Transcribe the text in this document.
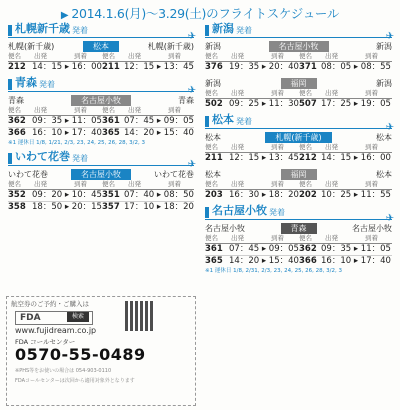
▶ 2014.1.6(月)～3.29(土)のフライトスケジュール
札幌新千歳 発着
✈
札幌(新千歳)	松本	札幌(新千歳)
便名	出発	到着	便名	出発	到着
212 14：15 ▸ 16：00 211 12：15 ▸ 13：45
青森 発着
✈
青森	名古屋小牧	青森
便名	出発	到着	便名	出発	到着
362 09：35 ▸ 11：05 361 07：45 ▸ 09：05
366 16：10 ▸ 17：40 365 14：20 ▸ 15：40
※1 運休日 1/8, 1/21, 2/3, 23, 24, 25, 26, 28, 3/2, 3
いわて花巻 発着
✈
いわて花巻	名古屋小牧	いわて花巻
便名	出発	到着	便名	出発	到着
352 09：20 ▸ 10：45 351 07：40 ▸ 08：50
358 18：50 ▸ 20：15 357 17：10 ▸ 18：20
新潟 発着
✈
新潟	名古屋小牧	新潟
便名	出発	到着	便名	出発	到着
376 19：35 ▸ 20：40 371 08：05 ▸ 08：55
新潟	福岡	新潟
便名	出発	到着	便名	出発	到着
502 09：25 ▸ 11：30 507 17：25 ▸ 19：05
松本 発着
✈
松本	札幌(新千歳)	松本
便名	出発	到着	便名	出発	到着
211 12：15 ▸ 13：45 212 14：15 ▸ 16：00
松本	福岡	松本
便名	出発	到着	便名	出発	到着
203 16：30 ▸ 18：20 202 10：25 ▸ 11：55
名古屋小牧 発着
✈
名古屋小牧	青森	名古屋小牧
便名	出発	到着	便名	出発	到着
361 07：45 ▸ 09：05 362 09：35 ▸ 11：05
365 14：20 ▸ 15：40 366 16：10 ▸ 17：40
※1 運休日 1/8, 2/31, 2/3, 23, 24, 25, 26, 28, 3/2, 3
航空券のご予約・ご購入は
FDA	検索
www.fujidream.co.jp
FDA コールセンター
0570-55-0489
※PHS等をお使いの場合は 054-903-0110
FDAコールセンターは次回から適用対象外となります
